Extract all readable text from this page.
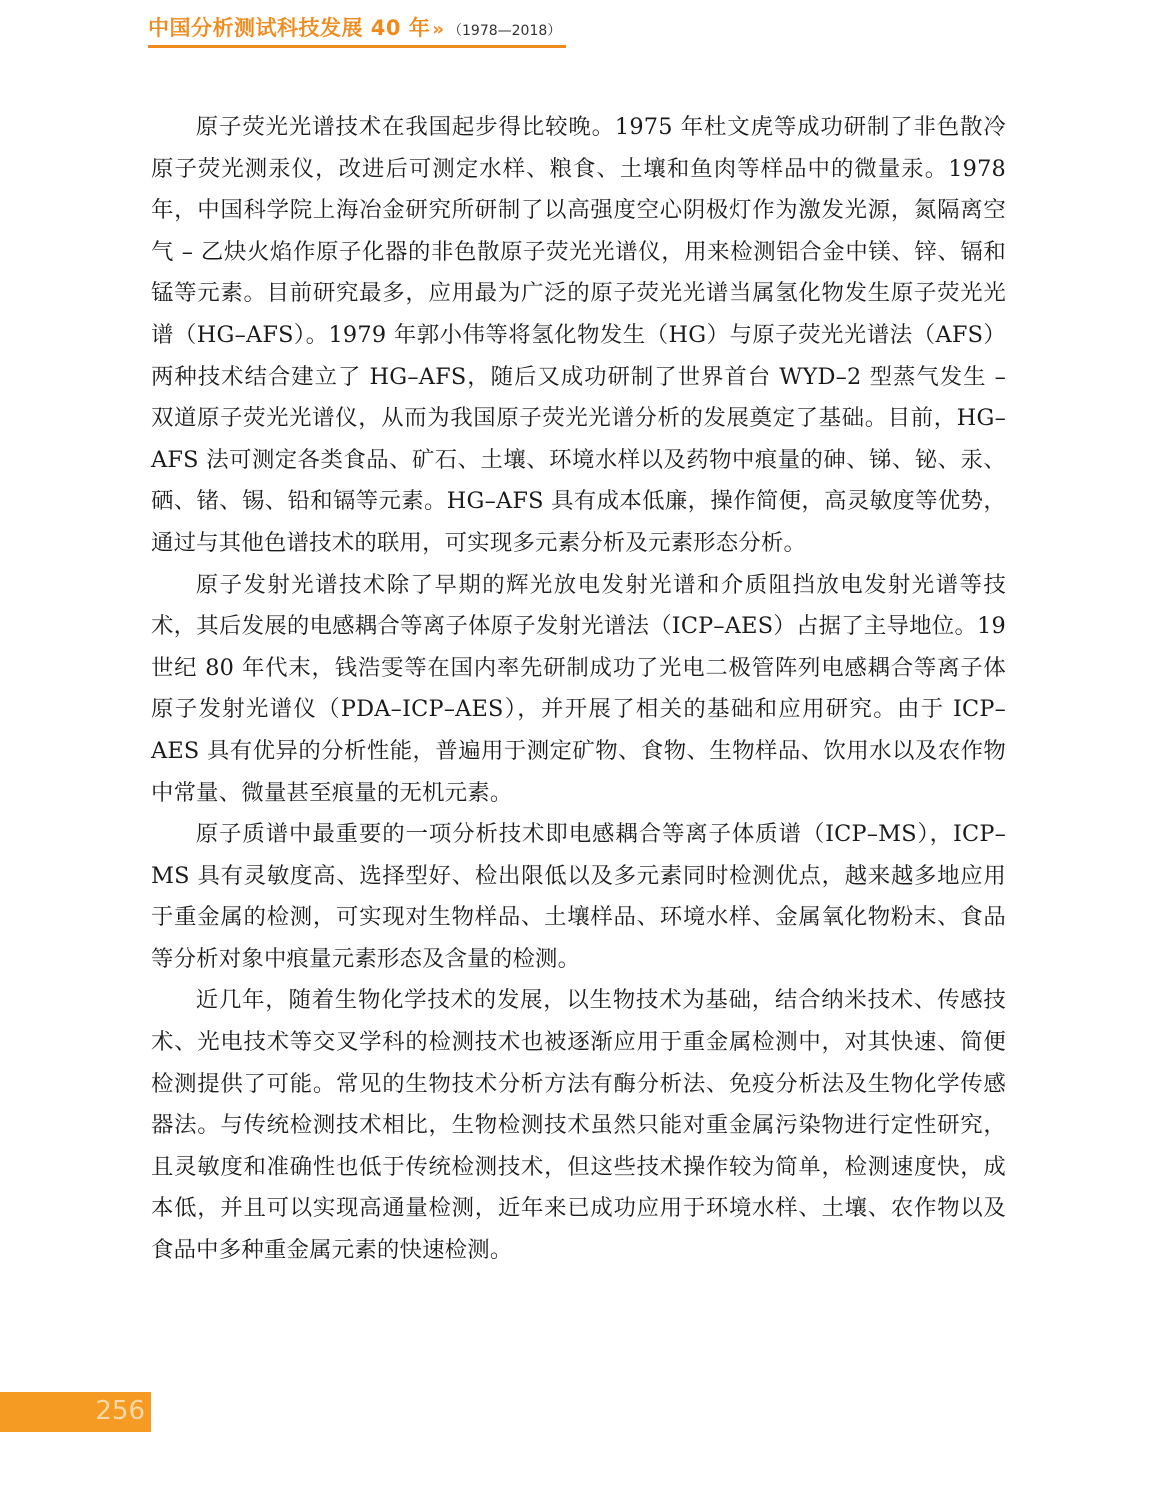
中国分析测试科技发展 40 年 » （1978—2018）

原子荧光光谱技术在我国起步得比较晚。1975 年杜文虎等成功研制了非色散冷原子荧光测汞仪，改进后可测定水样、粮食、土壤和鱼肉等样品中的微量汞。1978 年，中国科学院上海冶金研究所研制了以高强度空心阴极灯作为激发光源，氮隔离空气 – 乙炔火焰作原子化器的非色散原子荧光光谱仪，用来检测铝合金中镁、锌、镉和锰等元素。目前研究最多，应用最为广泛的原子荧光光谱当属氢化物发生原子荧光光谱（HG–AFS）。1979 年郭小伟等将氢化物发生（HG）与原子荧光光谱法（AFS）两种技术结合建立了 HG–AFS，随后又成功研制了世界首台 WYD–2 型蒸气发生 – 双道原子荧光光谱仪，从而为我国原子荧光光谱分析的发展奠定了基础。目前，HG–AFS 法可测定各类食品、矿石、土壤、环境水样以及药物中痕量的砷、锑、铋、汞、硒、锗、锡、铅和镉等元素。HG–AFS 具有成本低廉，操作简便，高灵敏度等优势，通过与其他色谱技术的联用，可实现多元素分析及元素形态分析。

原子发射光谱技术除了早期的辉光放电发射光谱和介质阻挡放电发射光谱等技术，其后发展的电感耦合等离子体原子发射光谱法（ICP–AES）占据了主导地位。19 世纪 80 年代末，钱浩雯等在国内率先研制成功了光电二极管阵列电感耦合等离子体原子发射光谱仪（PDA–ICP–AES），并开展了相关的基础和应用研究。由于 ICP–AES 具有优异的分析性能，普遍用于测定矿物、食物、生物样品、饮用水以及农作物中常量、微量甚至痕量的无机元素。

原子质谱中最重要的一项分析技术即电感耦合等离子体质谱（ICP–MS），ICP–MS 具有灵敏度高、选择型好、检出限低以及多元素同时检测优点，越来越多地应用于重金属的检测，可实现对生物样品、土壤样品、环境水样、金属氧化物粉末、食品等分析对象中痕量元素形态及含量的检测。

近几年，随着生物化学技术的发展，以生物技术为基础，结合纳米技术、传感技术、光电技术等交叉学科的检测技术也被逐渐应用于重金属检测中，对其快速、简便检测提供了可能。常见的生物技术分析方法有酶分析法、免疫分析法及生物化学传感器法。与传统检测技术相比，生物检测技术虽然只能对重金属污染物进行定性研究，且灵敏度和准确性也低于传统检测技术，但这些技术操作较为简单，检测速度快，成本低，并且可以实现高通量检测，近年来已成功应用于环境水样、土壤、农作物以及食品中多种重金属元素的快速检测。

256
